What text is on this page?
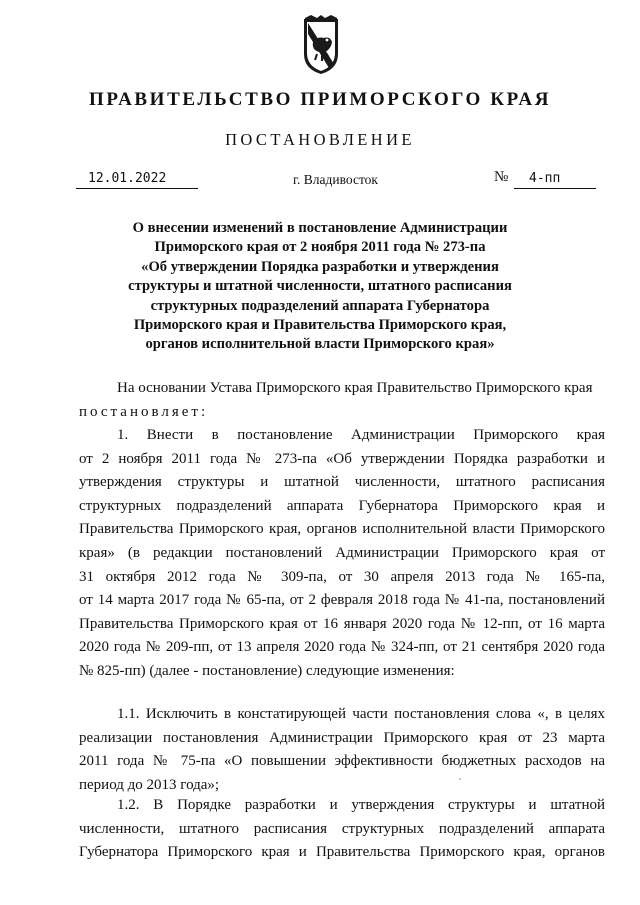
ПРАВИТЕЛЬСТВО ПРИМОРСКОГО КРАЯ
ПОСТАНОВЛЕНИЕ
12.01.2022	г. Владивосток	№	4-пп
О внесении изменений в постановление Администрации
Приморского края от 2 ноября 2011 года № 273-па
«Об утверждении Порядка разработки и утверждения
структуры и штатной численности, штатного расписания
структурных подразделений аппарата Губернатора
Приморского края и Правительства Приморского края,
органов исполнительной власти Приморского края»
На основании Устава Приморского края Правительство Приморского края
постановляет:
1. Внести в постановление Администрации Приморского края
от 2 ноября 2011 года № 273-па «Об утверждении Порядка разработки и
утверждения структуры и штатной численности, штатного расписания
структурных подразделений аппарата Губернатора Приморского края и
Правительства Приморского края, органов исполнительной власти Приморского
края» (в редакции постановлений Администрации Приморского края от
31 октября 2012 года № 309-па, от 30 апреля 2013 года № 165-па,
от 14 марта 2017 года № 65-па, от 2 февраля 2018 года № 41-па, постановлений
Правительства Приморского края от 16 января 2020 года № 12-пп, от 16 марта
2020 года № 209-пп, от 13 апреля 2020 года № 324-пп, от 21 сентября 2020 года
№ 825-пп) (далее - постановление) следующие изменения:
1.1. Исключить в констатирующей части постановления слова «, в целях
реализации постановления Администрации Приморского края от 23 марта
2011 года № 75-па «О повышении эффективности бюджетных расходов на
период до 2013 года»;
1.2. В Порядке разработки и утверждения структуры и штатной
численности, штатного расписания структурных подразделений аппарата
Губернатора Приморского края и Правительства Приморского края, органов
